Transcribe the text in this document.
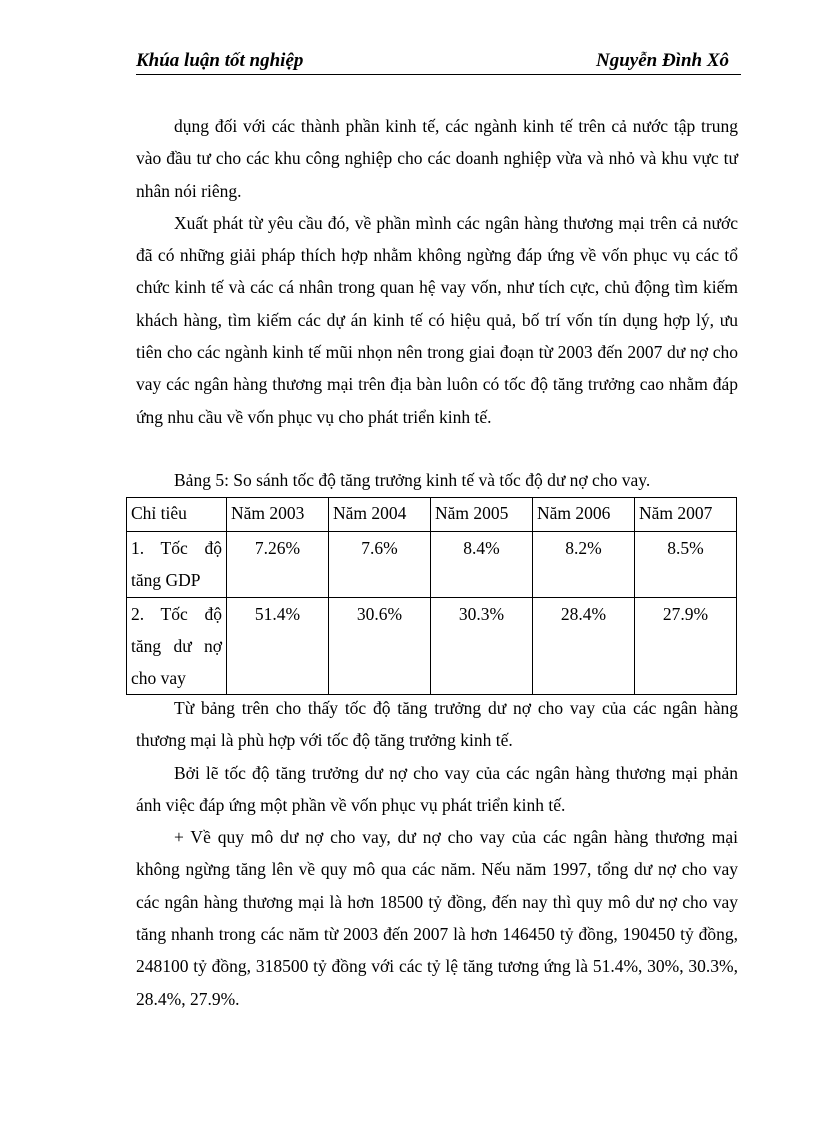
Khúa luận tốt nghiệp	Nguyễn Đình Xô

dụng đối với các thành phần kinh tế, các ngành kinh tế trên cả nước tập trung vào đầu tư cho các khu công nghiệp cho các doanh nghiệp vừa và nhỏ và khu vực tư nhân nói riêng.

Xuất phát từ yêu cầu đó, về phần mình các ngân hàng thương mại trên cả nước đã có những giải pháp thích hợp nhằm không ngừng đáp ứng về vốn phục vụ các tổ chức kinh tế và các cá nhân trong quan hệ vay vốn, như tích cực, chủ động tìm kiếm khách hàng, tìm kiếm các dự án kinh tế có hiệu quả, bố trí vốn tín dụng hợp lý, ưu tiên cho các ngành kinh tế mũi nhọn nên trong giai đoạn từ 2003 đến 2007 dư nợ cho vay các ngân hàng thương mại trên địa bàn luôn có tốc độ tăng trưởng cao nhằm đáp ứng nhu cầu về vốn phục vụ cho phát triển kinh tế.

Bảng 5: So sánh tốc độ tăng trưởng kinh tế và tốc độ dư nợ cho vay.
Chỉ tiêu	Năm 2003	Năm 2004	Năm 2005	Năm 2006	Năm 2007
1. Tốc độ tăng GDP	7.26%	7.6%	8.4%	8.2%	8.5%
2. Tốc độ tăng dư nợ cho vay	51.4%	30.6%	30.3%	28.4%	27.9%

Từ bảng trên cho thấy tốc độ tăng trưởng dư nợ cho vay của các ngân hàng thương mại là phù hợp với tốc độ tăng trưởng kinh tế.

Bởi lẽ tốc độ tăng trưởng dư nợ cho vay của các ngân hàng thương mại phản ánh việc đáp ứng một phần về vốn phục vụ phát triển kinh tế.

+ Về quy mô dư nợ cho vay, dư nợ cho vay của các ngân hàng thương mại không ngừng tăng lên về quy mô qua các năm. Nếu năm 1997, tổng dư nợ cho vay các ngân hàng thương mại là hơn 18500 tỷ đồng, đến nay thì quy mô dư nợ cho vay tăng nhanh trong các năm từ 2003 đến 2007 là hơn 146450 tỷ đồng, 190450 tỷ đồng, 248100 tỷ đồng, 318500 tỷ đồng với các tỷ lệ tăng tương ứng là 51.4%, 30%, 30.3%, 28.4%, 27.9%.
